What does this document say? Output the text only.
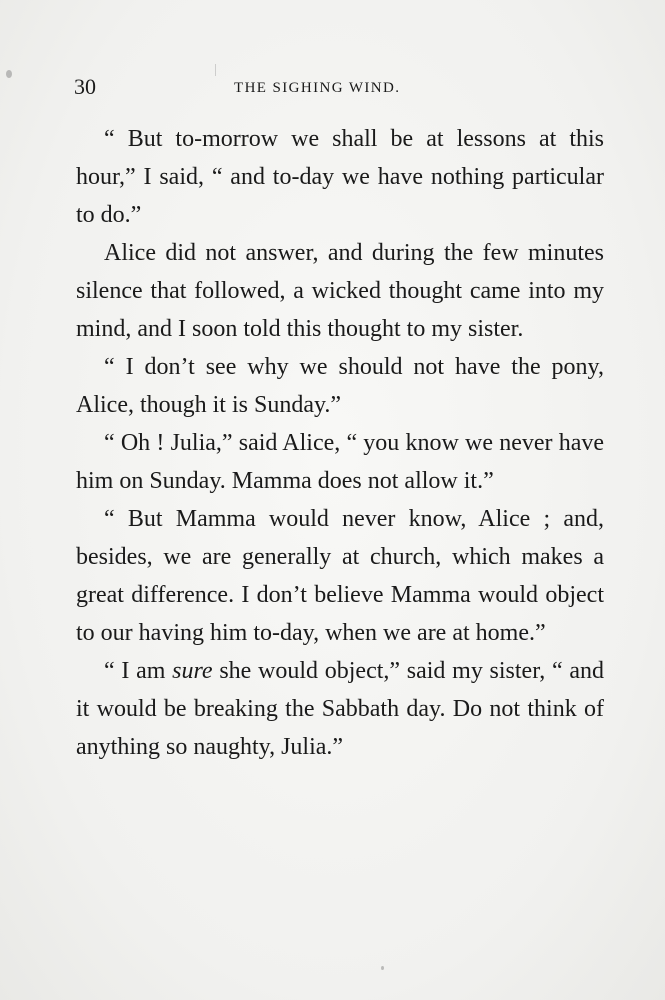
30	THE SIGHING WIND.

“ But to-morrow we shall be at lessons at this hour,” I said, “ and to-day we have nothing particular to do.”

Alice did not answer, and during the few minutes silence that followed, a wicked thought came into my mind, and I soon told this thought to my sister.

“ I don’t see why we should not have the pony, Alice, though it is Sunday.”

“ Oh ! Julia,” said Alice, “ you know we never have him on Sunday. Mamma does not allow it.”

“ But Mamma would never know, Alice ; and, besides, we are generally at church, which makes a great difference. I don’t believe Mamma would object to our having him to-day, when we are at home.”

“ I am sure she would object,” said my sister, “ and it would be breaking the Sabbath day. Do not think of anything so naughty, Julia.”
